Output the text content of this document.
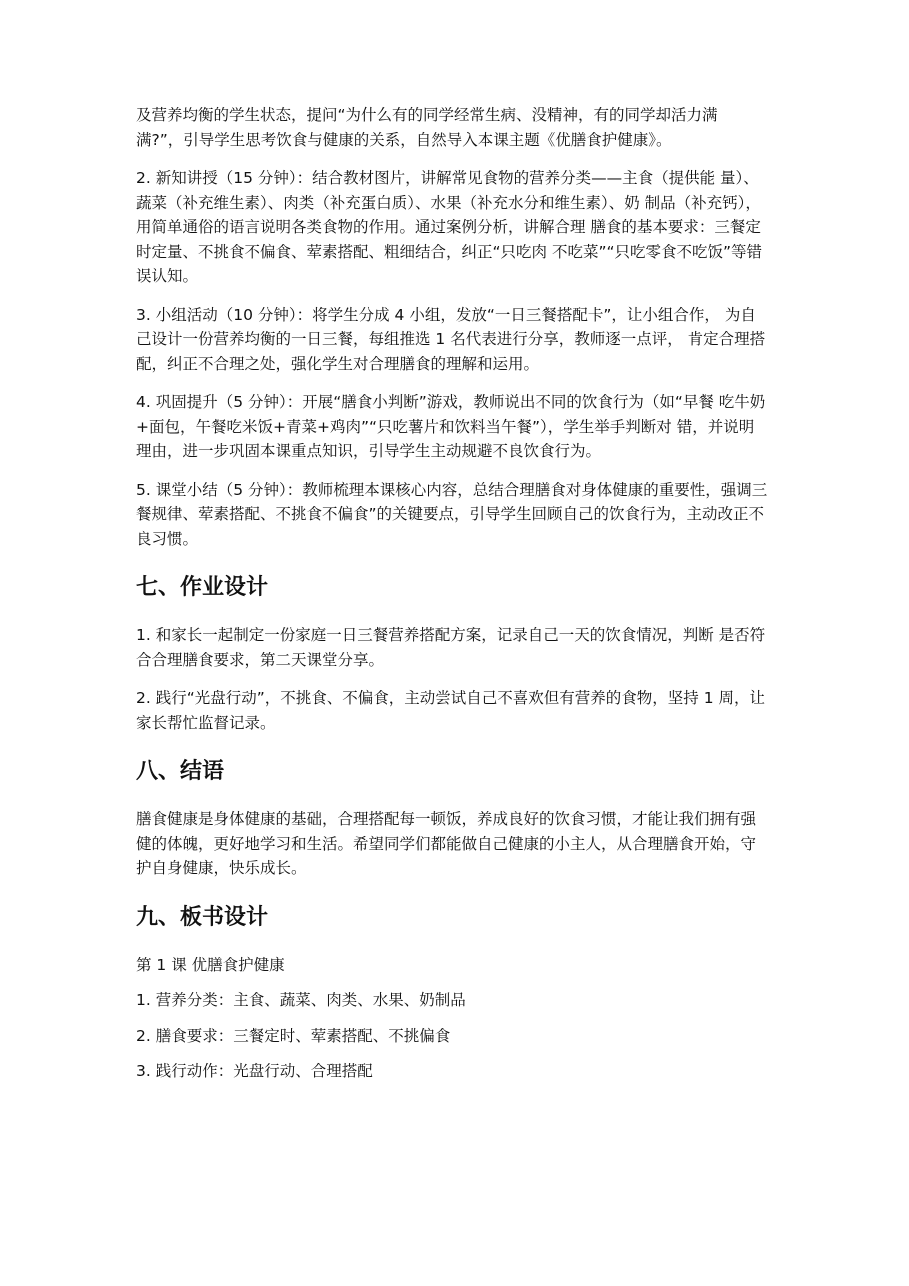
及营养均衡的学生状态，提问“为什么有的同学经常生病、没精神，有的同学却活力满 满?”，引导学生思考饮食与健康的关系，自然导入本课主题《优膳食护健康》。

2. 新知讲授（15 分钟）：结合教材图片，讲解常见食物的营养分类——主食（提供能 量）、蔬菜（补充维生素）、肉类（补充蛋白质）、水果（补充水分和维生素）、奶 制品（补充钙），用简单通俗的语言说明各类食物的作用。通过案例分析，讲解合理 膳食的基本要求：三餐定时定量、不挑食不偏食、荤素搭配、粗细结合，纠正“只吃肉 不吃菜”“只吃零食不吃饭”等错误认知。

3. 小组活动（10 分钟）：将学生分成 4 小组，发放“一日三餐搭配卡”，让小组合作， 为自己设计一份营养均衡的一日三餐，每组推选 1 名代表进行分享，教师逐一点评， 肯定合理搭配，纠正不合理之处，强化学生对合理膳食的理解和运用。

4. 巩固提升（5 分钟）：开展“膳食小判断”游戏，教师说出不同的饮食行为（如“早餐 吃牛奶+面包，午餐吃米饭+青菜+鸡肉”“只吃薯片和饮料当午餐”），学生举手判断对 错，并说明理由，进一步巩固本课重点知识，引导学生主动规避不良饮食行为。

5. 课堂小结（5 分钟）：教师梳理本课核心内容，总结合理膳食对身体健康的重要性，强调三餐规律、荤素搭配、不挑食不偏食”的关键要点，引导学生回顾自己的饮食行为，主动改正不良习惯。

七、作业设计

1. 和家长一起制定一份家庭一日三餐营养搭配方案，记录自己一天的饮食情况，判断 是否符合合理膳食要求，第二天课堂分享。

2. 践行“光盘行动”，不挑食、不偏食，主动尝试自己不喜欢但有营养的食物，坚持 1 周，让家长帮忙监督记录。

八、结语

膳食健康是身体健康的基础，合理搭配每一顿饭，养成良好的饮食习惯，才能让我们拥有强健的体魄，更好地学习和生活。希望同学们都能做自己健康的小主人，从合理膳食开始，守护自身健康，快乐成长。

九、板书设计

第 1 课 优膳食护健康

1. 营养分类：主食、蔬菜、肉类、水果、奶制品

2. 膳食要求：三餐定时、荤素搭配、不挑偏食

3. 践行动作：光盘行动、合理搭配
